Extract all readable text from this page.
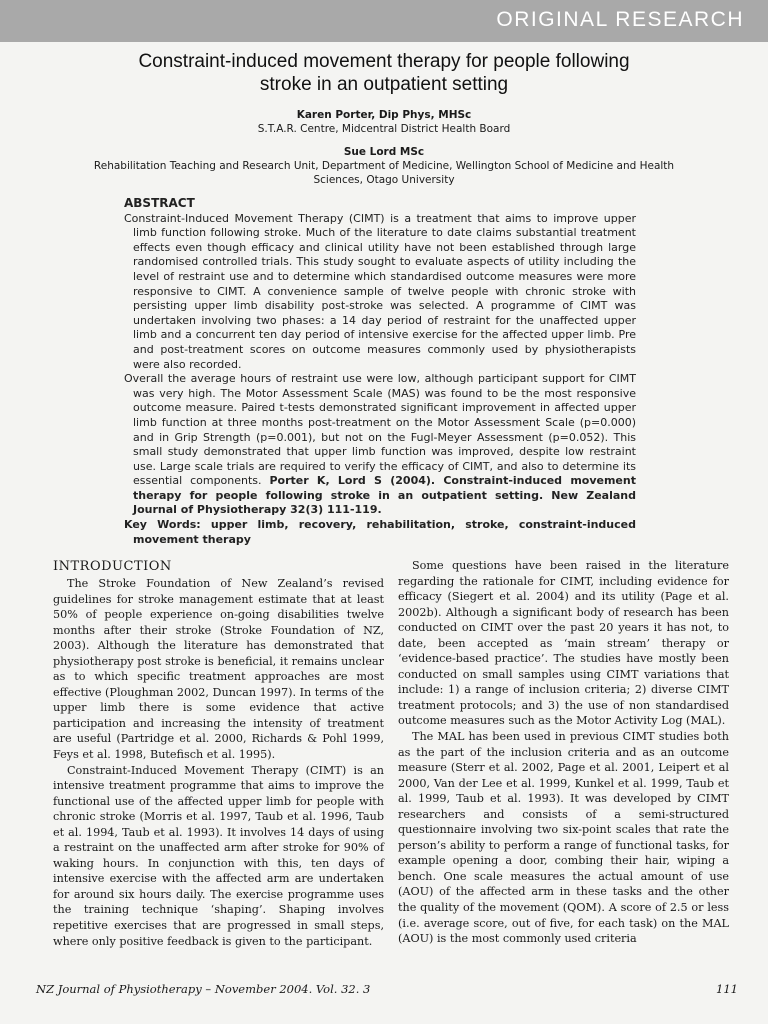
ORIGINAL RESEARCH
Constraint-induced movement therapy for people following
stroke in an outpatient setting
Karen Porter, Dip Phys, MHSc
S.T.A.R. Centre, Midcentral District Health Board
Sue Lord MSc
Rehabilitation Teaching and Research Unit, Department of Medicine, Wellington School of Medicine and Health
Sciences, Otago University
ABSTRACT

Constraint-Induced Movement Therapy (CIMT) is a treatment that aims to improve upper limb function following stroke. Much of the literature to date claims substantial treatment effects even though efficacy and clinical utility have not been established through large randomised controlled trials. This study sought to evaluate aspects of utility including the level of restraint use and to determine which standardised outcome measures were more responsive to CIMT. A convenience sample of twelve people with chronic stroke with persisting upper limb disability post-stroke was selected. A programme of CIMT was undertaken involving two phases: a 14 day period of restraint for the unaffected upper limb and a concurrent ten day period of intensive exercise for the affected upper limb. Pre and post-treatment scores on outcome measures commonly used by physiotherapists were also recorded.

Overall the average hours of restraint use were low, although participant support for CIMT was very high. The Motor Assessment Scale (MAS) was found to be the most responsive outcome measure. Paired t-tests demonstrated significant improvement in affected upper limb function at three months post-treatment on the Motor Assessment Scale (p=0.000) and in Grip Strength (p=0.001), but not on the Fugl-Meyer Assessment (p=0.052). This small study demonstrated that upper limb function was improved, despite low restraint use. Large scale trials are required to verify the efficacy of CIMT, and also to determine its essential components. Porter K, Lord S (2004). Constraint-induced movement therapy for people following stroke in an outpatient setting. New Zealand Journal of Physiotherapy 32(3) 111-119.

Key Words: upper limb, recovery, rehabilitation, stroke, constraint-induced movement therapy

INTRODUCTION

The Stroke Foundation of New Zealand’s revised guidelines for stroke management estimate that at least 50% of people experience on-going disabilities twelve months after their stroke (Stroke Foundation of NZ, 2003). Although the literature has demonstrated that physiotherapy post stroke is beneficial, it remains unclear as to which specific treatment approaches are most effective (Ploughman 2002, Duncan 1997). In terms of the upper limb there is some evidence that active participation and increasing the intensity of treatment are useful (Partridge et al. 2000, Richards & Pohl 1999, Feys et al. 1998, Butefisch et al. 1995).

Constraint-Induced Movement Therapy (CIMT) is an intensive treatment programme that aims to improve the functional use of the affected upper limb for people with chronic stroke (Morris et al. 1997, Taub et al. 1996, Taub et al. 1994, Taub et al. 1993). It involves 14 days of using a restraint on the unaffected arm after stroke for 90% of waking hours. In conjunction with this, ten days of intensive exercise with the affected arm are undertaken for around six hours daily. The exercise programme uses the training technique ‘shaping’. Shaping involves repetitive exercises that are progressed in small steps, where only positive feedback is given to the participant.

Some questions have been raised in the literature regarding the rationale for CIMT, including evidence for efficacy (Siegert et al. 2004) and its utility (Page et al. 2002b). Although a significant body of research has been conducted on CIMT over the past 20 years it has not, to date, been accepted as ‘main stream’ therapy or ‘evidence-based practice’. The studies have mostly been conducted on small samples using CIMT variations that include: 1) a range of inclusion criteria; 2) diverse CIMT treatment protocols; and 3) the use of non standardised outcome measures such as the Motor Activity Log (MAL).

The MAL has been used in previous CIMT studies both as the part of the inclusion criteria and as an outcome measure (Sterr et al. 2002, Page et al. 2001, Leipert et al 2000, Van der Lee et al. 1999, Kunkel et al. 1999, Taub et al. 1999, Taub et al. 1993). It was developed by CIMT researchers and consists of a semi-structured questionnaire involving two six-point scales that rate the person’s ability to perform a range of functional tasks, for example opening a door, combing their hair, wiping a bench. One scale measures the actual amount of use (AOU) of the affected arm in these tasks and the other the quality of the movement (QOM). A score of 2.5 or less (i.e. average score, out of five, for each task) on the MAL (AOU) is the most commonly used criteria

NZ Journal of Physiotherapy – November 2004. Vol. 32. 3	111
